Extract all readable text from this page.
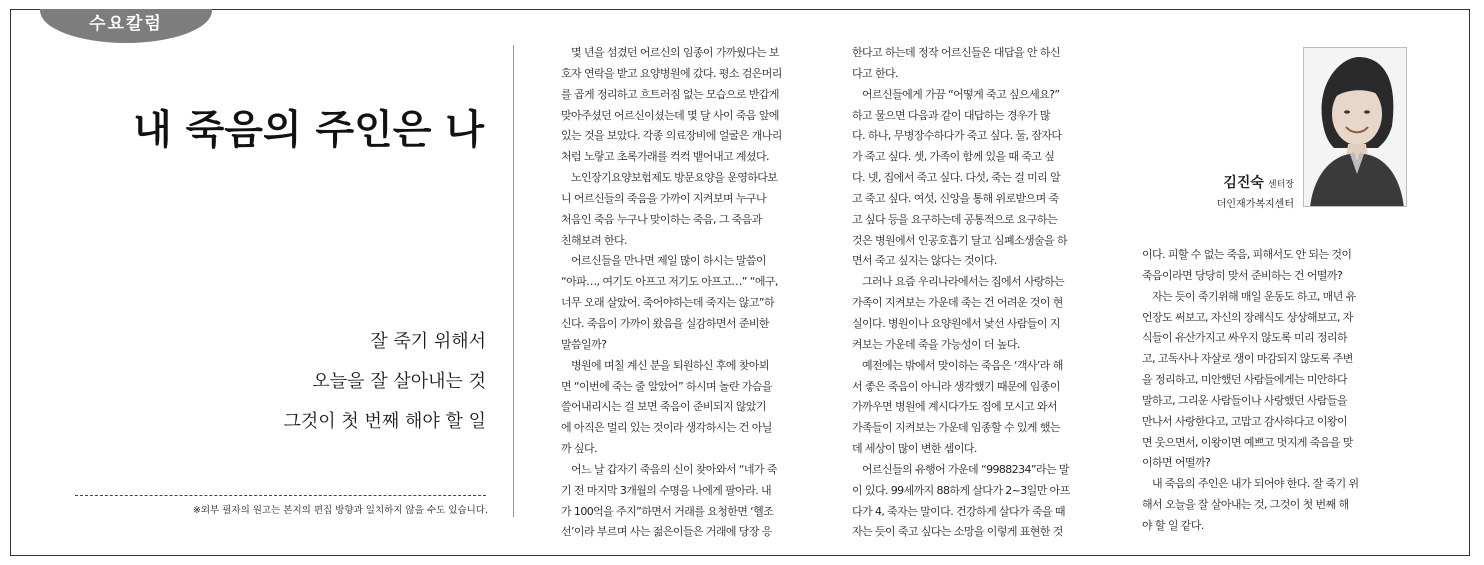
수요칼럼
내 죽음의 주인은 나
잘 죽기 위해서
오늘을 잘 살아내는 것
그것이 첫 번째 해야 할 일
※외부 필자의 원고는 본지의 편집 방향과 일치하지 않을 수도 있습니다.

몇 년을 섬겼던 어르신의 임종이 가까웠다는 보

호자 연락을 받고 요양병원에 갔다. 평소 검은머리

를 곱게 정리하고 흐트러짐 없는 모습으로 반갑게

맞아주셨던 어르신이셨는데 몇 달 사이 죽음 앞에

있는 것을 보았다. 각종 의료장비에 얼굴은 개나리

처럼 노랗고 초록가래를 컥컥 뱉어내고 계셨다.

노인장기요양보험제도 방문요양을 운영하다보

니 어르신들의 죽음을 가까이 지켜보며 누구나

처음인 죽음 누구나 맞이하는 죽음, 그 죽음과

친해보려 한다.

어르신들을 만나면 제일 많이 하시는 말씀이

“아파…, 여기도 아프고 저기도 아프고…” “에구,

너무 오래 살았어. 죽어야하는데 죽지는 않고”하

신다. 죽음이 가까이 왔음을 실감하면서 준비한

말씀일까?

병원에 며칠 계신 분을 퇴원하신 후에 찾아뵈

면 “이번에 죽는 줄 알았어” 하시며 놀란 가슴을

쓸어내리시는 걸 보면 죽음이 준비되지 않았기

에 아직은 멀리 있는 것이라 생각하시는 건 아닐

까 싶다.

어느 날 갑자기 죽음의 신이 찾아와서 “네가 죽

기 전 마지막 3개월의 수명을 나에게 팔아라. 내

가 100억을 주지”하면서 거래를 요청한면 ‘헬조

선’이라 부르며 사는 젊은이들은 거래에 당장 응

한다고 하는데 정작 어르신들은 대답을 안 하신

다고 한다.

어르신들에게 가끔 “어떻게 죽고 싶으세요?”

하고 물으면 다음과 같이 대답하는 경우가 많

다. 하나, 무병장수하다가 죽고 싶다. 둘, 잠자다

가 죽고 싶다. 셋, 가족이 함께 있을 때 죽고 싶

다. 넷, 집에서 죽고 싶다. 다섯, 죽는 걸 미리 알

고 죽고 싶다. 여섯, 신앙을 통해 위로받으며 죽

고 싶다 등을 요구하는데 공통적으로 요구하는

것은 병원에서 인공호흡기 달고 심폐소생술을 하

면서 죽고 싶지는 않다는 것이다.

그러나 요즘 우리나라에서는 집에서 사랑하는

가족이 지켜보는 가운데 죽는 건 어려운 것이 현

실이다. 병원이나 요양원에서 낯선 사람들이 지

켜보는 가운데 죽을 가능성이 더 높다.

예전에는 밖에서 맞이하는 죽음은 ‘객사’라 해

서 좋은 죽음이 아니라 생각했기 때문에 임종이

가까우면 병원에 계시다가도 집에 모시고 와서

가족들이 지켜보는 가운데 임종할 수 있게 했는

데 세상이 많이 변한 셈이다.

어르신들의 유행어 가운데 “9988234”라는 말

이 있다. 99세까지 88하게 살다가 2~3일만 아프

다가 4, 죽자는 말이다. 건강하게 살다가 죽을 때

자는 듯이 죽고 싶다는 소망을 이렇게 표현한 것

이다. 피할 수 없는 죽음, 피해서도 안 되는 것이

죽음이라면 당당히 맞서 준비하는 건 어떨까?

자는 듯이 죽기위해 매일 운동도 하고, 매년 유

언장도 써보고, 자신의 장례식도 상상해보고, 자

식들이 유산가지고 싸우지 않도록 미리 정리하

고, 고독사나 자살로 생이 마감되지 않도록 주변

을 정리하고, 미안했던 사람들에게는 미안하다

말하고, 그리운 사람들이나 사랑했던 사람들을

만나서 사랑한다고, 고맙고 감사하다고 이왕이

면 웃으면서, 이왕이면 예쁘고 멋지게 죽음을 맞

이하면 어떨까?

내 죽음의 주인은 내가 되어야 한다. 잘 죽기 위

해서 오늘을 잘 살아내는 것, 그것이 첫 번째 해

야 할 일 같다.

김진숙 센터장
더인재가복지센터
